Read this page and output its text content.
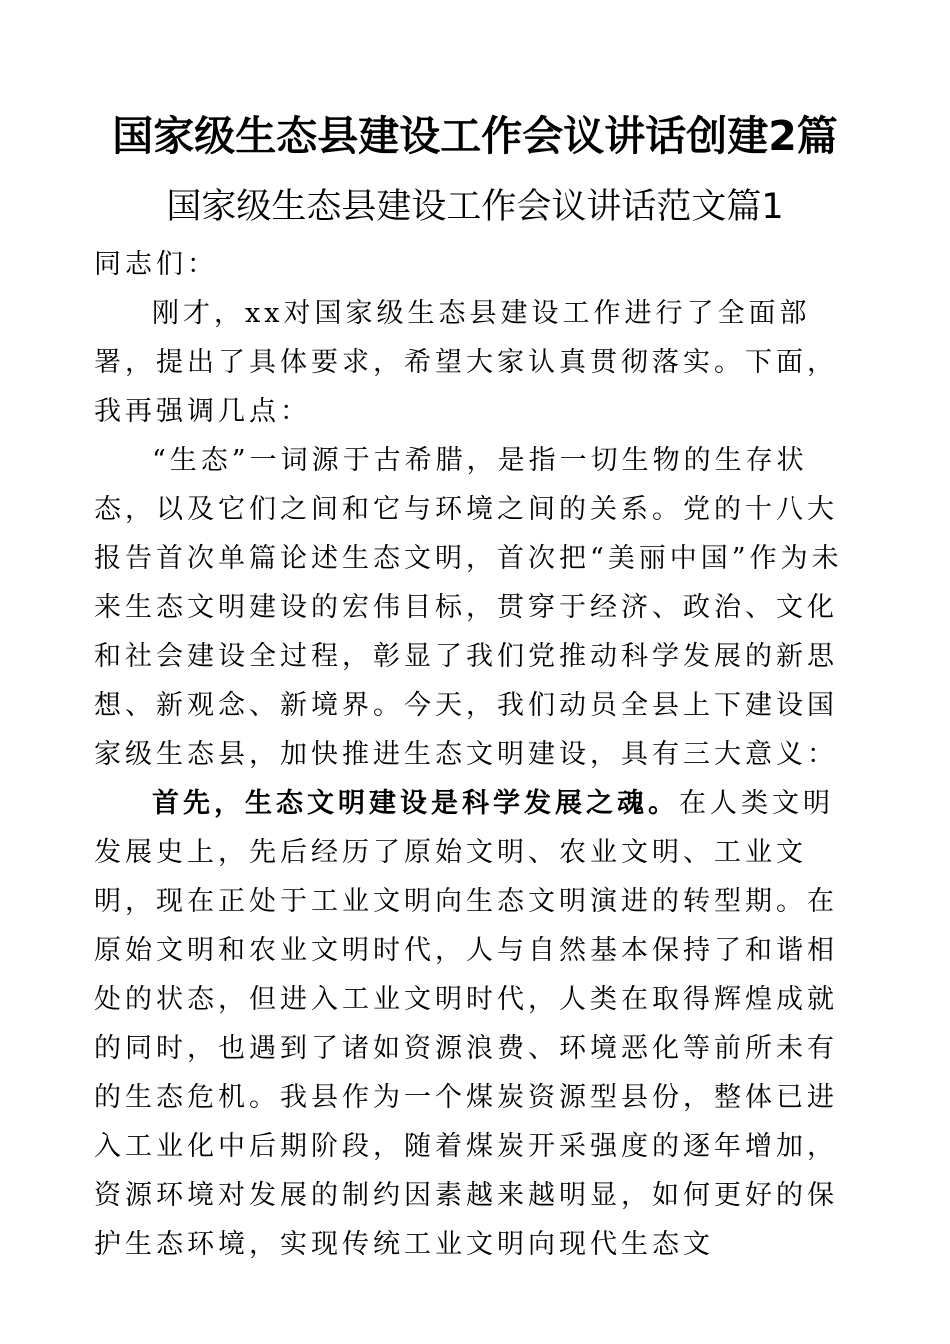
国家级生态县建设工作会议讲话创建2篇
国家级生态县建设工作会议讲话范文篇1

同志们：

刚才，xx对国家级生态县建设工作进行了全面部署，提出了具体要求，希望大家认真贯彻落实。下面，我再强调几点：

“生态”一词源于古希腊，是指一切生物的生存状态，以及它们之间和它与环境之间的关系。党的十八大报告首次单篇论述生态文明，首次把“美丽中国”作为未来生态文明建设的宏伟目标，贯穿于经济、政治、文化和社会建设全过程，彰显了我们党推动科学发展的新思想、新观念、新境界。今天，我们动员全县上下建设国家级生态县，加快推进生态文明建设，具有三大意义：

首先，生态文明建设是科学发展之魂。在人类文明发展史上，先后经历了原始文明、农业文明、工业文明，现在正处于工业文明向生态文明演进的转型期。在原始文明和农业文明时代，人与自然基本保持了和谐相处的状态，但进入工业文明时代，人类在取得辉煌成就的同时，也遇到了诸如资源浪费、环境恶化等前所未有的生态危机。我县作为一个煤炭资源型县份，整体已进入工业化中后期阶段，随着煤炭开采强度的逐年增加，资源环境对发展的制约因素越来越明显，如何更好的保护生态环境，实现传统工业文明向现代生态文
